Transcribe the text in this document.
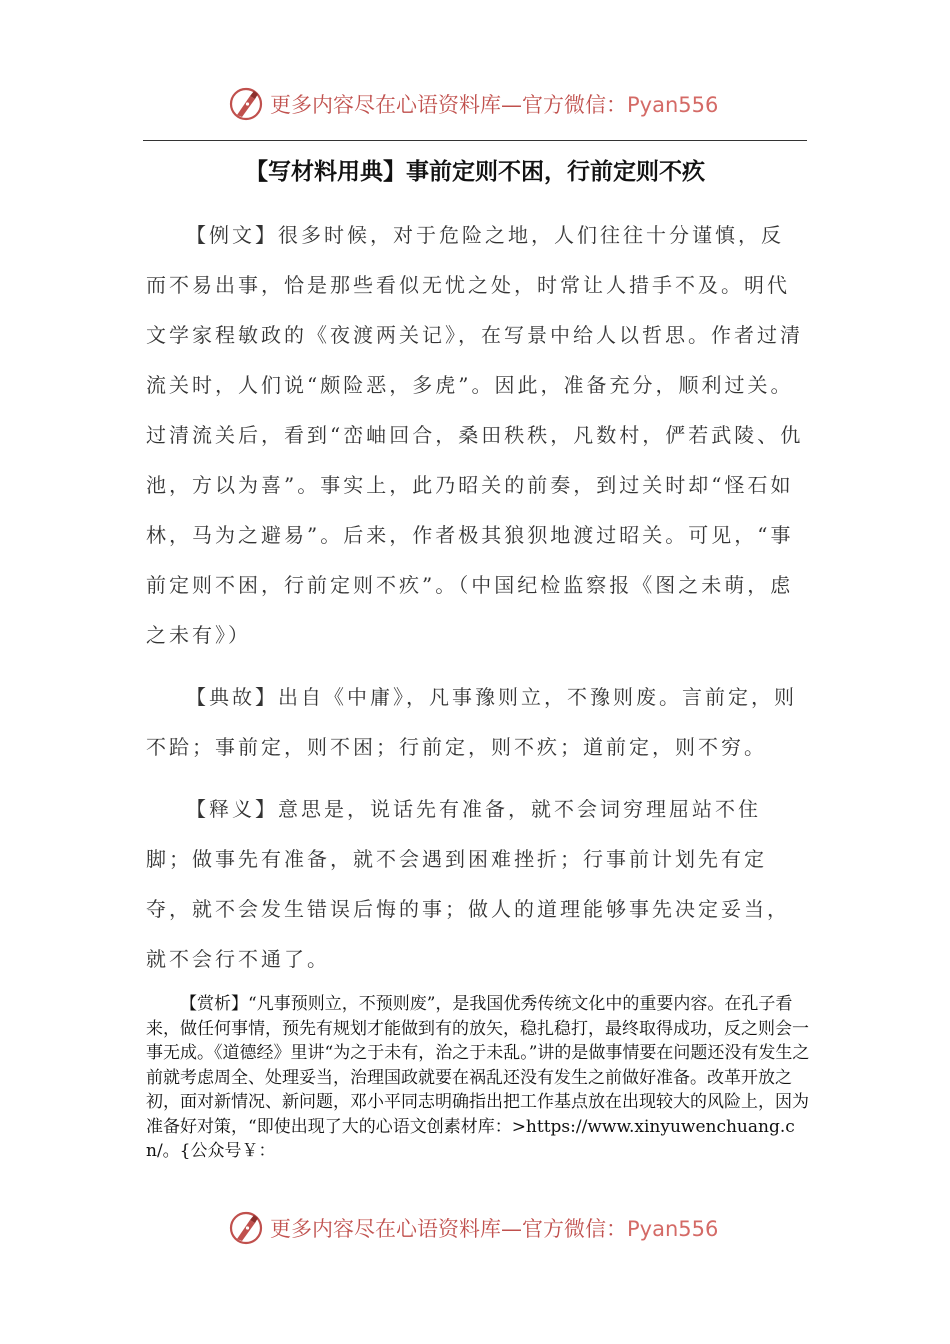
更多内容尽在心语资料库—官方微信：Pyan556
【写材料用典】事前定则不困，行前定则不疚

【例文】很多时候，对于危险之地，人们往往十分谨慎，反而不易出事，恰是那些看似无忧之处，时常让人措手不及。明代文学家程敏政的《夜渡两关记》，在写景中给人以哲思。作者过清流关时，人们说“颇险恶，多虎”。因此，准备充分，顺利过关。过清流关后，看到“峦岫回合，桑田秩秩，凡数村，俨若武陵、仇池，方以为喜”。事实上，此乃昭关的前奏，到过关时却“怪石如林，马为之避易”。后来，作者极其狼狈地渡过昭关。可见，“事前定则不困，行前定则不疚”。（中国纪检监察报《图之未萌，虑之未有》）

【典故】出自《中庸》，凡事豫则立，不豫则废。言前定，则不跲；事前定，则不困；行前定，则不疚；道前定，则不穷。

【释义】意思是，说话先有准备，就不会词穷理屈站不住脚；做事先有准备，就不会遇到困难挫折；行事前计划先有定夺，就不会发生错误后悔的事；做人的道理能够事先决定妥当，就不会行不通了。

【赏析】“凡事预则立，不预则废”，是我国优秀传统文化中的重要内容。在孔子看来，做任何事情，预先有规划才能做到有的放矢，稳扎稳打，最终取得成功，反之则会一事无成。《道德经》里讲“为之于未有，治之于未乱。”讲的是做事情要在问题还没有发生之前就考虑周全、处理妥当，治理国政就要在祸乱还没有发生之前做好准备。改革开放之初，面对新情况、新问题，邓小平同志明确指出把工作基点放在出现较大的风险上，因为准备好对策，“即使出现了大的心语文创素材库：>https://www.xinyuwenchuang.cn/。{公众号￥：

更多内容尽在心语资料库—官方微信：Pyan556
